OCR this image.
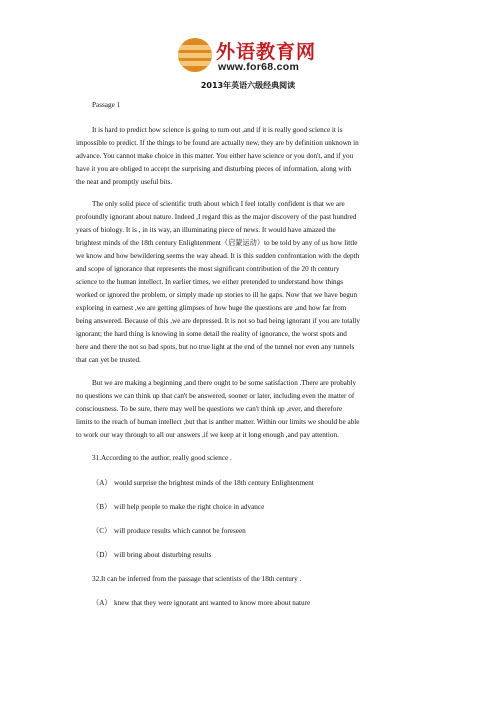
外语教育网
www.for68.com
2013年英语六级经典阅读
Passage 1
It is hard to predict how science is going to turn out ,and if it is really good science it is
impossible to predict. If the things to be found are actually new, they are by definition unknown in
advance. You cannot make choice in this matter. You either have science or you don't, and if you
have it you are obliged to accept the surprising and disturbing pieces of information, along with
the neat and promptly useful bits.
The only solid piece of scientific truth about which I feel totally confident is that we are
profoundly ignorant about nature. Indeed ,I regard this as the major discovery of the past hundred
years of biology. It is , in its way, an illuminating piece of news. It would have amazed the
brightest minds of the 18th century Enlightenment（启蒙运动）to be told by any of us how little
we know and how bewildering seems the way ahead. It is this sudden confrontation with the depth
and scope of ignorance that represents the most significant contribution of the 20 th century
science to the human intellect. In earlier times, we either pretended to understand how things
worked or ignored the problem, or simply made up stories to ill he gaps. Now that we have begun
exploring in earnest ,we are getting glimpses of how huge the questions are ,and how far from
being answered. Because of this ,we are depressed. It is not so bad being ignorant if you are totally
ignorant; the hard thing is knowing in some detail the reality of ignorance, the worst spots and
here and there the not so bad spots, but no true light at the end of the tunnel nor even any tunnels
that can yet be trusted.
But we are making a beginning ,and there ought to be some satisfaction .There are probably
no questions we can think up that can't be answered, sooner or later, including even the matter of
consciousness. To be sure, there may well be questions we can't think up ,ever, and therefore
limits to the reach of human intellect ,but that is anther matter. Within our limits we should be able
to work our way through to all our answers ,if we keep at it long enough ,and pay attention.
31.According to the author, really good science .
（A） would surprise the brightest minds of the 18th century Enlightenment
（B） will help people to make the right choice in advance
（C） will produce results which cannot be foreseen
（D） will bring about disturbing results
32.It can be inferred from the passage that scientists of the 18th century .
（A） knew that they were ignorant ant wanted to know more about nature
